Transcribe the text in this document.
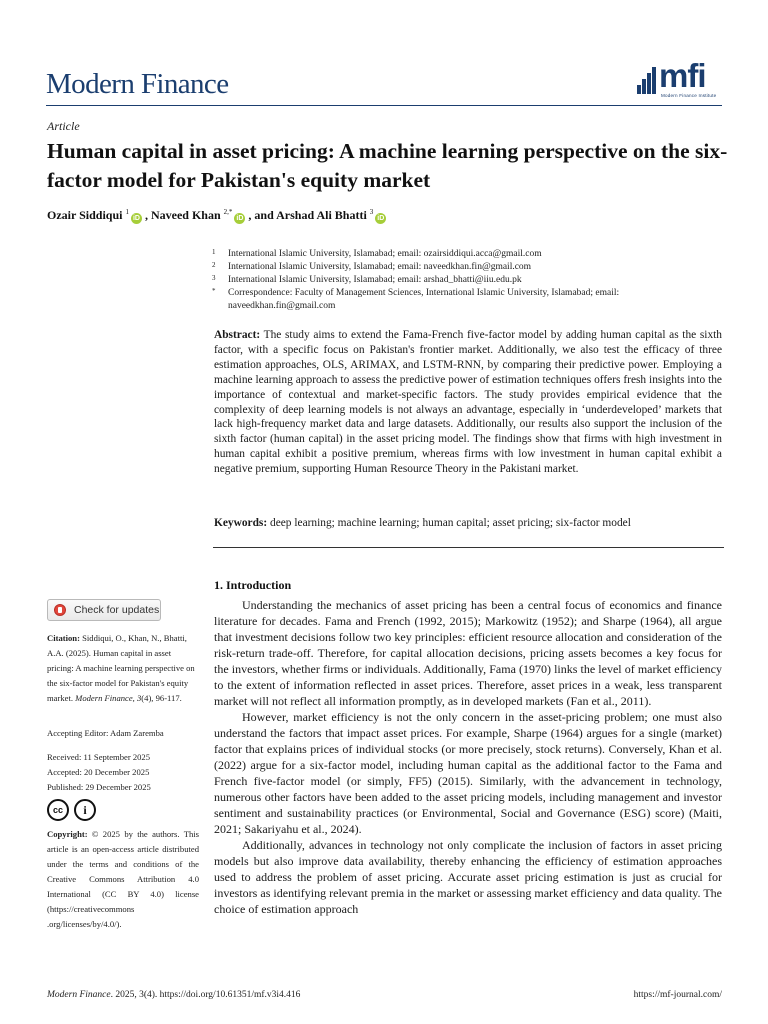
Modern Finance	mfi
Modern Finance Institute
Article
Human capital in asset pricing: A machine learning perspective on the six-factor model for Pakistan's equity market
Ozair Siddiqui $^1$iD , Naveed Khan $^{2,*}$iD , and Arshad Ali Bhatti $^3$iD
1 International Islamic University, Islamabad; email: ozairsiddiqui.acca@gmail.com
2 International Islamic University, Islamabad; email: naveedkhan.fin@gmail.com
3 International Islamic University, Islamabad; email: arshad_bhatti@iiu.edu.pk
* Correspondence: Faculty of Management Sciences, International Islamic University, Islamabad; email: naveedkhan.fin@gmail.com
Abstract: The study aims to extend the Fama-French five-factor model by adding human capital as the sixth factor, with a specific focus on Pakistan's frontier market. Additionally, we also test the efficacy of three estimation approaches, OLS, ARIMAX, and LSTM-RNN, by comparing their predictive power. Employing a machine learning approach to assess the predictive power of estimation techniques offers fresh insights into the importance of contextual and market-specific factors. The study provides empirical evidence that the complexity of deep learning models is not always an advantage, especially in ‘underdeveloped’ markets that lack high-frequency market data and large datasets. Additionally, our results also support the inclusion of the sixth factor (human capital) in the asset pricing model. The findings show that firms with high investment in human capital exhibit a positive premium, whereas firms with low investment in human capital exhibit a negative premium, supporting Human Resource Theory in the Pakistani market.
Keywords: deep learning; machine learning; human capital; asset pricing; six-factor model
Check for updates
Citation: Siddiqui, O., Khan, N., Bhatti, A.A. (2025). Human capital in asset pricing: A machine learning perspective on the six-factor model for Pakistan's equity market. Modern Finance, 3(4), 96-117.
Accepting Editor: Adam Zaremba
Received: 11 September 2025
Accepted: 20 December 2025
Published: 29 December 2025
cc	i
Copyright: © 2025 by the authors. This article is an open-access article distributed under the terms and conditions of the Creative Commons Attribution 4.0 International (CC BY 4.0) license (https://creativecommons .org/licenses/by/4.0/).
1. Introduction

Understanding the mechanics of asset pricing has been a central focus of economics and finance literature for decades. Fama and French (1992, 2015); Markowitz (1952); and Sharpe (1964), all argue that investment decisions follow two key principles: efficient resource allocation and consideration of the risk-return trade-off. Therefore, for capital allocation decisions, pricing assets becomes a key focus for the investors, whether firms or individuals. Additionally, Fama (1970) links the level of market efficiency to the extent of information reflected in asset prices. Therefore, asset prices in a weak, less transparent market will not reflect all information promptly, as in developed markets (Fan et al., 2011).

However, market efficiency is not the only concern in the asset-pricing problem; one must also understand the factors that impact asset prices. For example, Sharpe (1964) argues for a single (market) factor that explains prices of individual stocks (or more precisely, stock returns). Conversely, Khan et al. (2022) argue for a six-factor model, including human capital as the additional factor to the Fama and French five-factor model (or simply, FF5) (2015). Similarly, with the advancement in technology, numerous other factors have been added to the asset pricing models, including management and investor sentiment and sustainability practices (or Environmental, Social and Governance (ESG) score) (Maiti, 2021; Sakariyahu et al., 2024).

Additionally, advances in technology not only complicate the inclusion of factors in asset pricing models but also improve data availability, thereby enhancing the efficiency of estimation approaches used to address the problem of asset pricing. Accurate asset pricing estimation is just as crucial for investors as identifying relevant premia in the market or assessing market efficiency and data quality. The choice of estimation approach

Modern Finance. 2025, 3(4). https://doi.org/10.61351/mf.v3i4.416	https://mf-journal.com/
